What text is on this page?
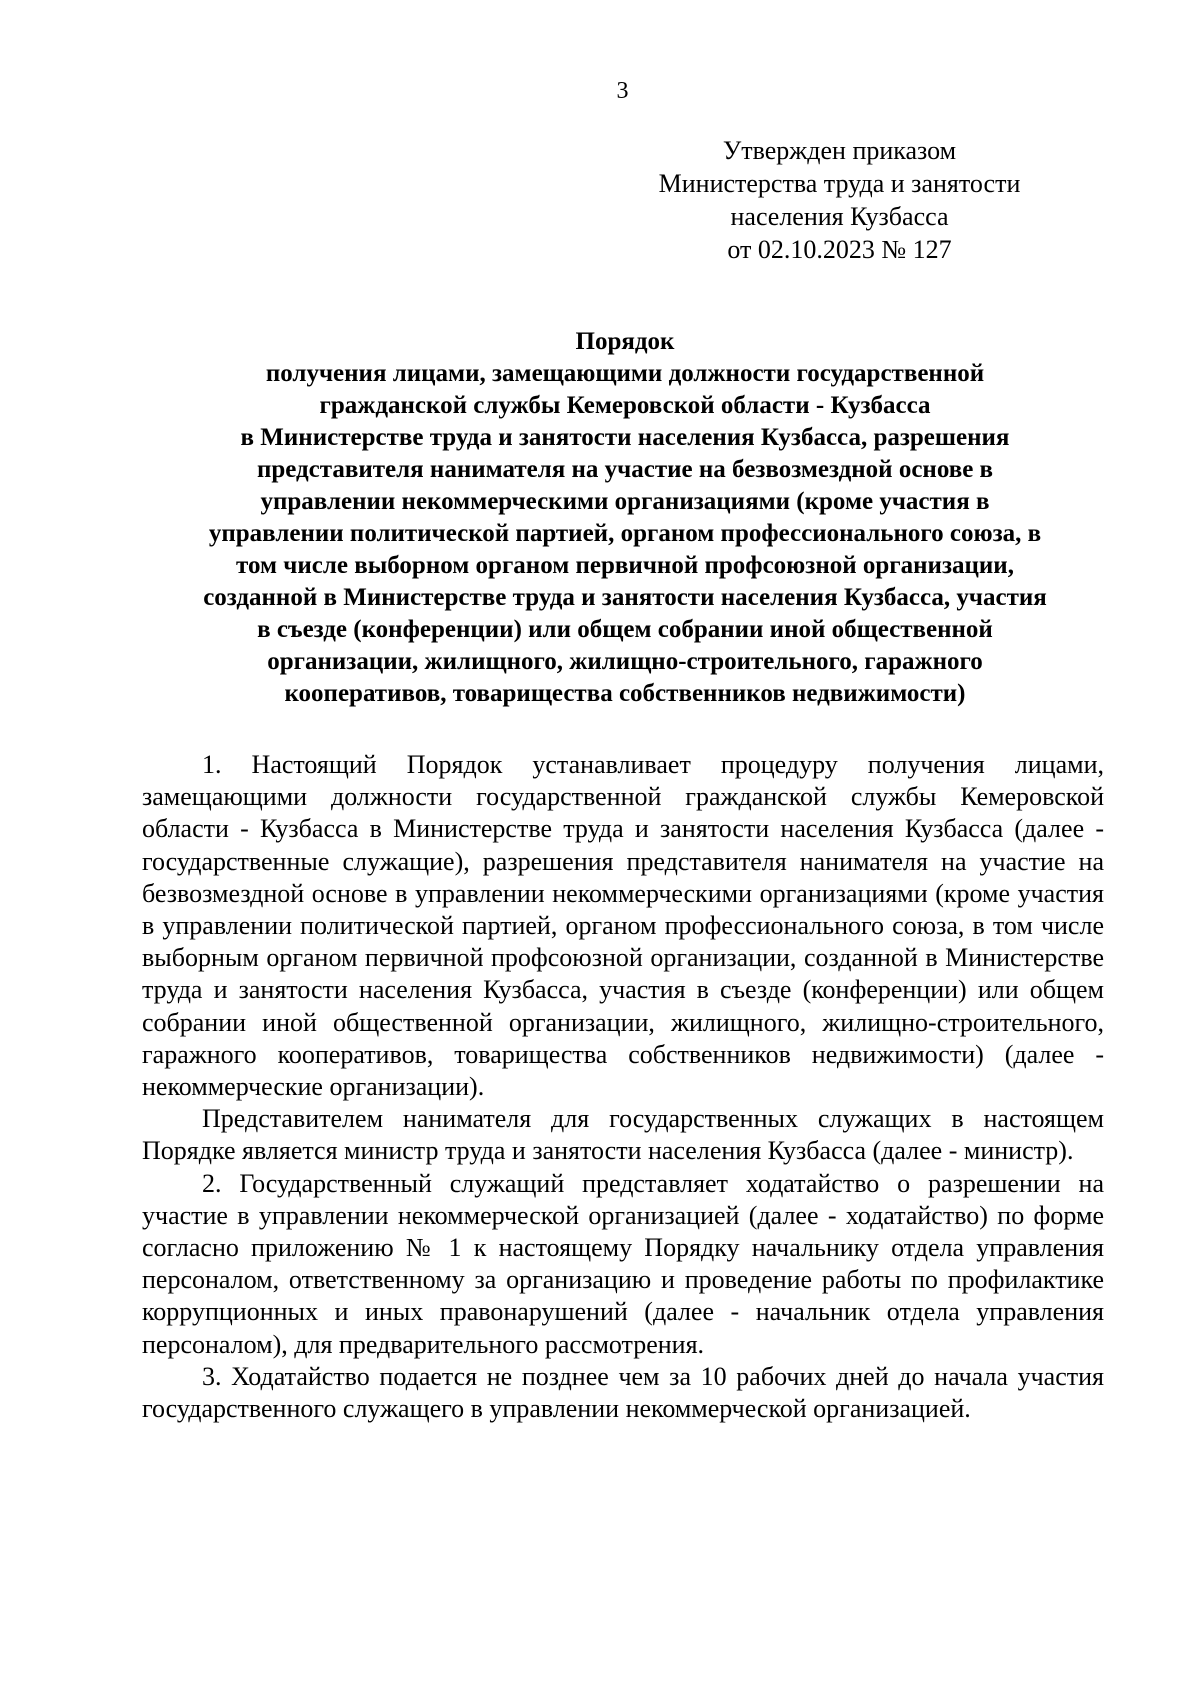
3
Утвержден приказом
Министерства труда и занятости
населения Кузбасса
от 02.10.2023 № 127
Порядок
получения лицами, замещающими должности государственной
гражданской службы Кемеровской области - Кузбасса
в Министерстве труда и занятости населения Кузбасса, разрешения
представителя нанимателя на участие на безвозмездной основе в
управлении некоммерческими организациями (кроме участия в
управлении политической партией, органом профессионального союза, в
том числе выборном органом первичной профсоюзной организации,
созданной в Министерстве труда и занятости населения Кузбасса, участия
в съезде (конференции) или общем собрании иной общественной
организации, жилищного, жилищно-строительного, гаражного
кооперативов, товарищества собственников недвижимости)

1. Настоящий Порядок устанавливает процедуру получения лицами, замещающими должности государственной гражданской службы Кемеровской области - Кузбасса в Министерстве труда и занятости населения Кузбасса (далее - государственные служащие), разрешения представителя нанимателя на участие на безвозмездной основе в управлении некоммерческими организациями (кроме участия в управлении политической партией, органом профессионального союза, в том числе выборным органом первичной профсоюзной организации, созданной в Министерстве труда и занятости населения Кузбасса, участия в съезде (конференции) или общем собрании иной общественной организации, жилищного, жилищно-строительного, гаражного кооперативов, товарищества собственников недвижимости) (далее - некоммерческие организации).

Представителем нанимателя для государственных служащих в настоящем Порядке является министр труда и занятости населения Кузбасса (далее - министр).

2. Государственный служащий представляет ходатайство о разрешении на участие в управлении некоммерческой организацией (далее - ходатайство) по форме согласно приложению № 1 к настоящему Порядку начальнику отдела управления персоналом, ответственному за организацию и проведение работы по профилактике коррупционных и иных правонарушений (далее - начальник отдела управления персоналом), для предварительного рассмотрения.

3. Ходатайство подается не позднее чем за 10 рабочих дней до начала участия государственного служащего в управлении некоммерческой организацией.
